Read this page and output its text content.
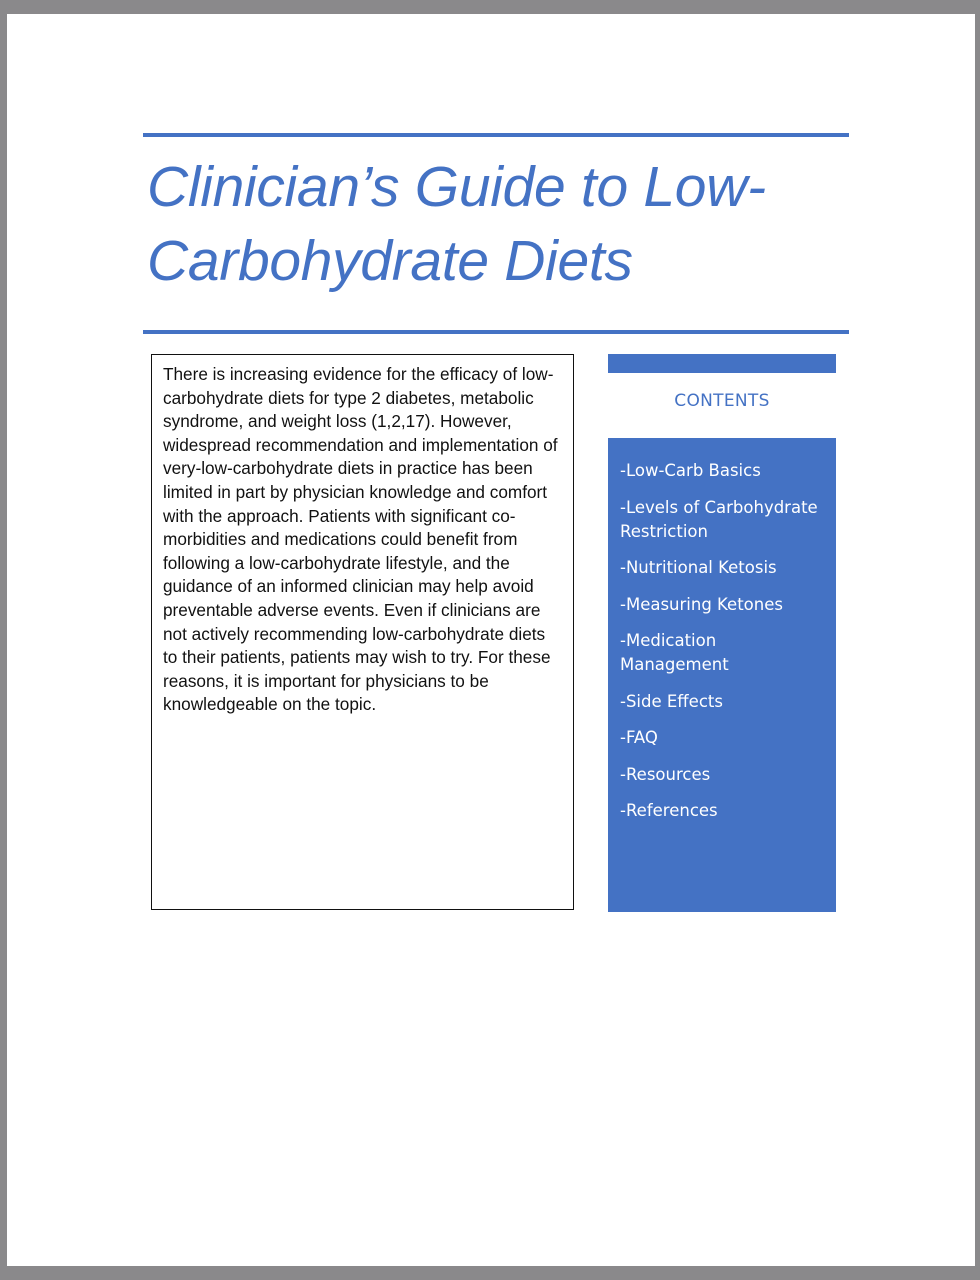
Clinician’s Guide to Low-Carbohydrate Diets

There is increasing evidence for the efficacy of low-carbohydrate diets for type 2 diabetes, metabolic syndrome, and weight loss (1,2,17). However, widespread recommendation and implementation of very-low-carbohydrate diets in practice has been limited in part by physician knowledge and comfort with the approach. Patients with significant co-morbidities and medications could benefit from following a low-carbohydrate lifestyle, and the guidance of an informed clinician may help avoid preventable adverse events. Even if clinicians are not actively recommending low-carbohydrate diets to their patients, patients may wish to try. For these reasons, it is important for physicians to be knowledgeable on the topic.

CONTENTS
-Low-Carb Basics
-Levels of Carbohydrate Restriction
-Nutritional Ketosis
-Measuring Ketones
-Medication Management
-Side Effects
-FAQ
-Resources
-References
